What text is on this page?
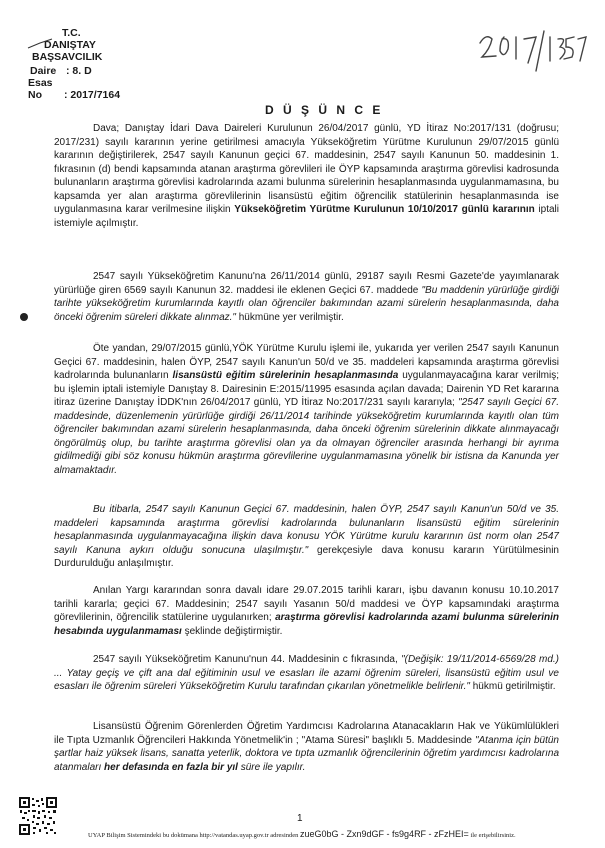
T.C.
DANIŞTAY
BAŞSAVCILIK
Daire : 8. D
Esas No : 2017/7164
D Ü Ş Ü N C E
Dava; Danıştay İdari Dava Daireleri Kurulunun 26/04/2017 günlü, YD İtiraz No:2017/131 (doğrusu; 2017/231) sayılı kararının yerine getirilmesi amacıyla Yükseköğretim Yürütme Kurulunun 29/07/2015 günlü kararının değiştirilerek, 2547 sayılı Kanunun geçici 67. maddesinin, 2547 sayılı Kanunun 50. maddesinin 1. fıkrasının (d) bendi kapsamında atanan araştırma görevlileri ile ÖYP kapsamında araştırma görevlisi kadrosunda bulunanların araştırma görevlisi kadrolarında azami bulunma sürelerinin hesaplanmasında uygulanmamasına, bu kapsamda yer alan araştırma görevlilerinin lisansüstü eğitim öğrencilik statülerinin hesaplanmasında ise uygulanmasına karar verilmesine ilişkin Yükseköğretim Yürütme Kurulunun 10/10/2017 günlü kararının iptali istemiyle açılmıştır.
2547 sayılı Yükseköğretim Kanunu'na 26/11/2014 günlü, 29187 sayılı Resmi Gazete'de yayımlanarak yürürlüğe giren 6569 sayılı Kanunun 32. maddesi ile eklenen Geçici 67. maddede "Bu maddenin yürürlüğe girdiği tarihte yükseköğretim kurumlarında kayıtlı olan öğrenciler bakımından azami sürelerin hesaplanmasında, daha önceki öğrenim süreleri dikkate alınmaz." hükmüne yer verilmiştir.
Öte yandan, 29/07/2015 günlü,YÖK Yürütme Kurulu işlemi ile, yukarıda yer verilen 2547 sayılı Kanunun Geçici 67. maddesinin, halen ÖYP, 2547 sayılı Kanun'un 50/d ve 35. maddeleri kapsamında araştırma görevlisi kadrolarında bulunanların lisansüstü eğitim sürelerinin hesaplanmasında uygulanmayacağına karar verilmiş; bu işlemin iptali istemiyle Danıştay 8. Dairesinin E:2015/11995 esasında açılan davada; Dairenin YD Ret kararına itiraz üzerine Danıştay İDDK'nın 26/04/2017 günlü, YD İtiraz No:2017/231 sayılı kararıyla; "2547 sayılı Geçici 67. maddesinde, düzenlemenin yürürlüğe girdiği 26/11/2014 tarihinde yükseköğretim kurumlarında kayıtlı olan tüm öğrenciler bakımından azami sürelerin hesaplanmasında, daha önceki öğrenim sürelerinin dikkate alınmayacağı öngörülmüş olup, bu tarihte araştırma görevlisi olan ya da olmayan öğrenciler arasında herhangi bir ayrıma gidilmediği gibi söz konusu hükmün araştırma görevlilerine uygulanmamasına yönelik bir istisna da Kanunda yer almamaktadır.
Bu itibarla, 2547 sayılı Kanunun Geçici 67. maddesinin, halen ÖYP, 2547 sayılı Kanun'un 50/d ve 35. maddeleri kapsamında araştırma görevlisi kadrolarında bulunanların lisansüstü eğitim sürelerinin hesaplanmasında uygulanmayacağına ilişkin dava konusu YÖK Yürütme kurulu kararının üst norm olan 2547 sayılı Kanuna aykırı olduğu sonucuna ulaşılmıştır." gerekçesiyle dava konusu kararın Yürütülmesinin Durdurulduğu anlaşılmıştır.
Anılan Yargı kararından sonra davalı idare 29.07.2015 tarihli kararı, işbu davanın konusu 10.10.2017 tarihli kararla; geçici 67. Maddesinin; 2547 sayılı Yasanın 50/d maddesi ve ÖYP kapsamındaki araştırma görevlilerinin, öğrencilik statülerine uygulanırken; araştırma görevlisi kadrolarında azami bulunma sürelerinin hesabında uygulanmaması şeklinde değiştirmiştir.
2547 sayılı Yükseköğretim Kanunu'nun 44. Maddesinin c fıkrasında, "(Değişik: 19/11/2014-6569/28 md.) ... Yatay geçiş ve çift ana dal eğitiminin usul ve esasları ile azami öğrenim süreleri, lisansüstü eğitim usul ve esasları ile öğrenim süreleri Yükseköğretim Kurulu tarafından çıkarılan yönetmelikle belirlenir." hükmü getirilmiştir.
Lisansüstü Öğrenim Görenlerden Öğretim Yardımcısı Kadrolarına Atanacakların Hak ve Yükümlülükleri ile Tıpta Uzmanlık Öğrencileri Hakkında Yönetmelik'in ; "Atama Süresi" başlıklı 5. Maddesinde "Atanma için bütün şartlar haiz yüksek lisans, sanatta yeterlik, doktora ve tıpta uzmanlık öğrencilerinin öğretim yardımcısı kadrolarına atanmaları her defasında en fazla bir yıl süre ile yapılır.
1
UYAP Bilişim Sistemindeki bu dokümana http://vatandas.uyap.gov.tr adresinden zueG0bG - Zxn9dGF - fs9g4RF - zFzHEI= ile erişebilirsiniz.
